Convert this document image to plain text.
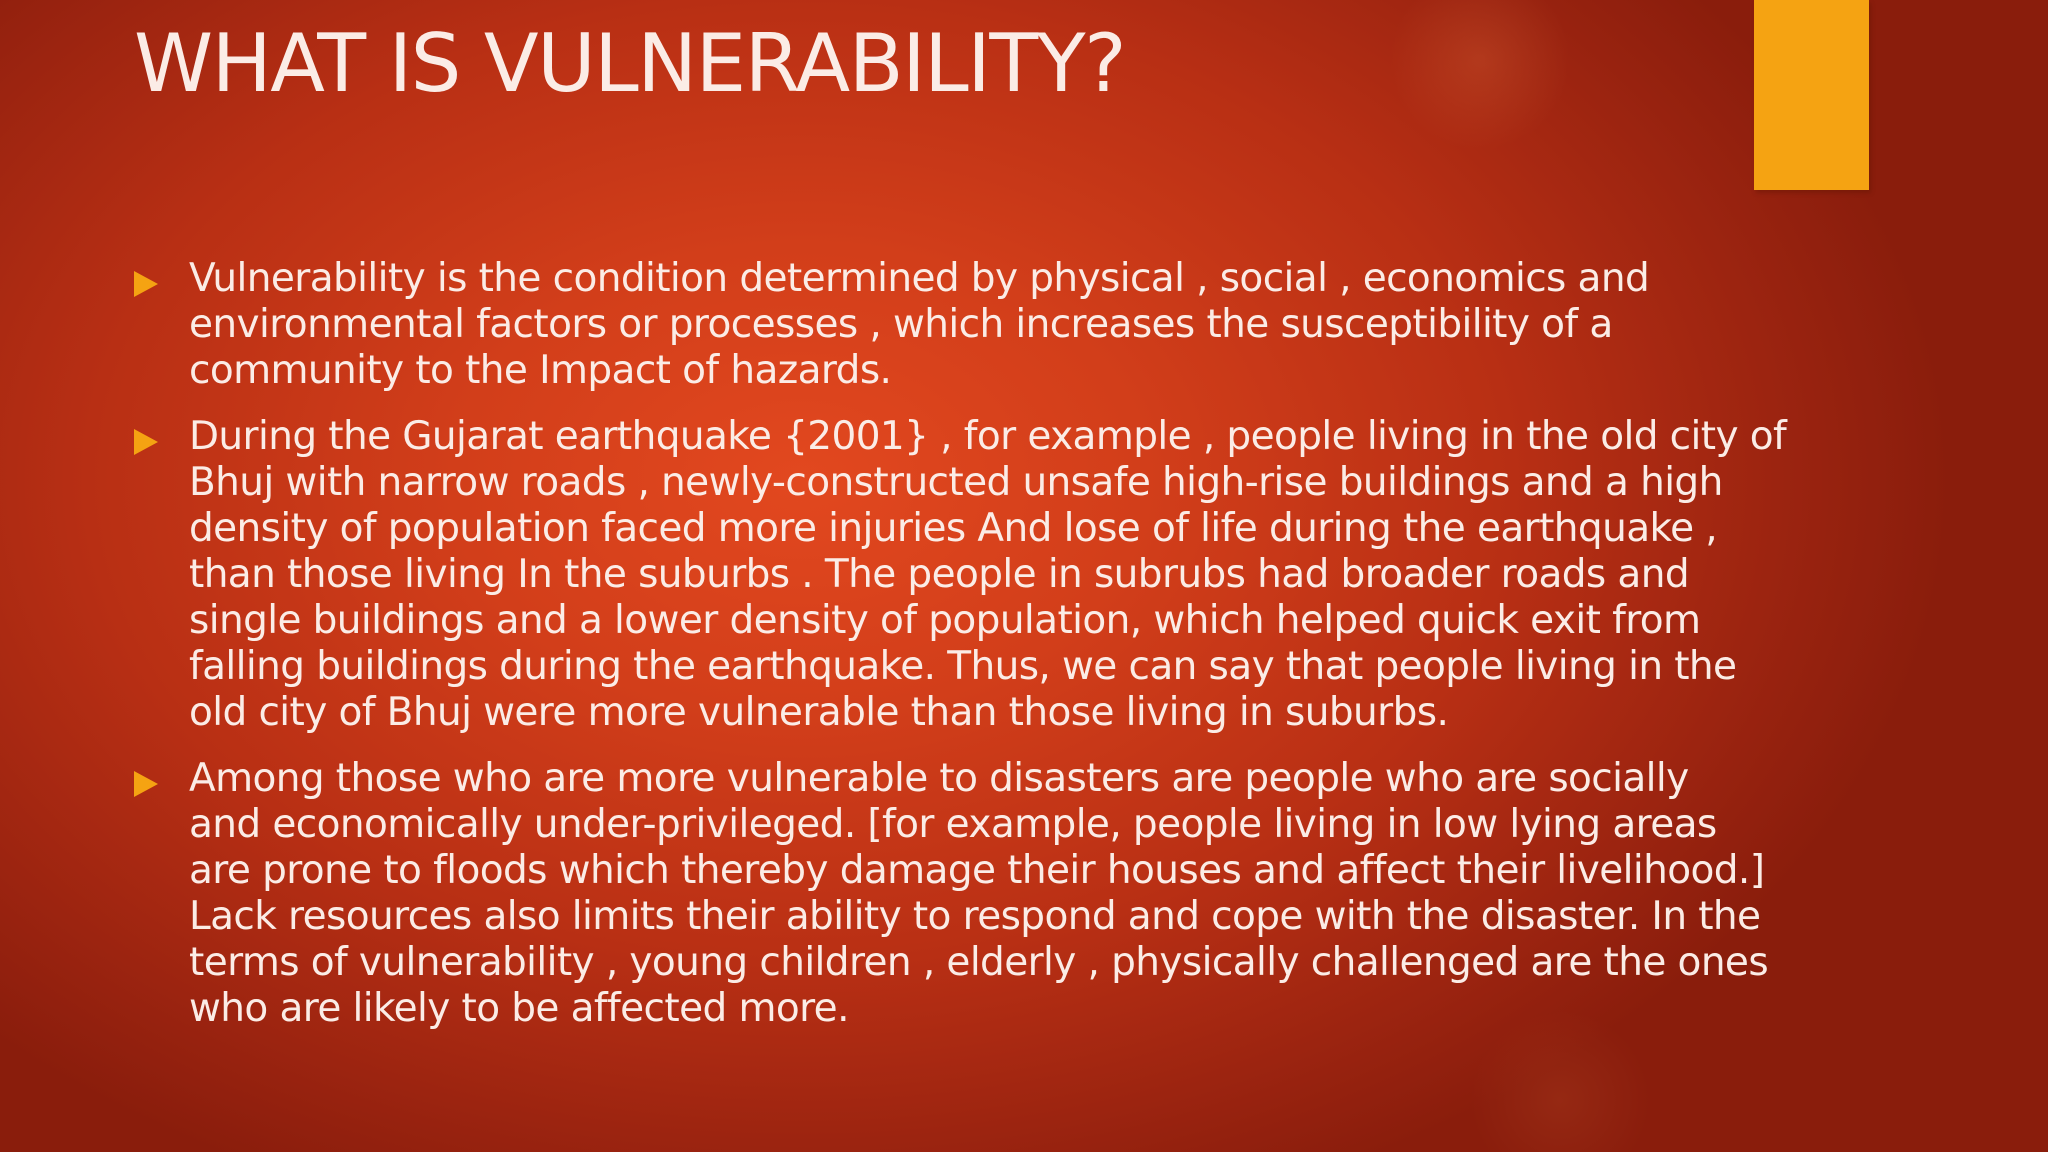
WHAT IS VULNERABILITY?
Vulnerability is the condition determined by physical , social , economics and
environmental factors or processes , which increases the susceptibility of a
community to the Impact of hazards.
During the Gujarat earthquake {2001} , for example , people living in the old city of
Bhuj with narrow roads , newly-constructed unsafe high-rise buildings and a high
density of population faced more injuries And lose of life during the earthquake ,
than those living In the suburbs . The people in subrubs had broader roads and
single buildings and a lower density of population, which helped quick exit from
falling buildings during the earthquake. Thus, we can say that people living in the
old city of Bhuj were more vulnerable than those living in suburbs.
Among those who are more vulnerable to disasters are people who are socially
and economically under-privileged. [for example, people living in low lying areas
are prone to floods which thereby damage their houses and affect their livelihood.]
Lack resources also limits their ability to respond and cope with the disaster. In the
terms of vulnerability , young children , elderly , physically challenged are the ones
who are likely to be affected more.
